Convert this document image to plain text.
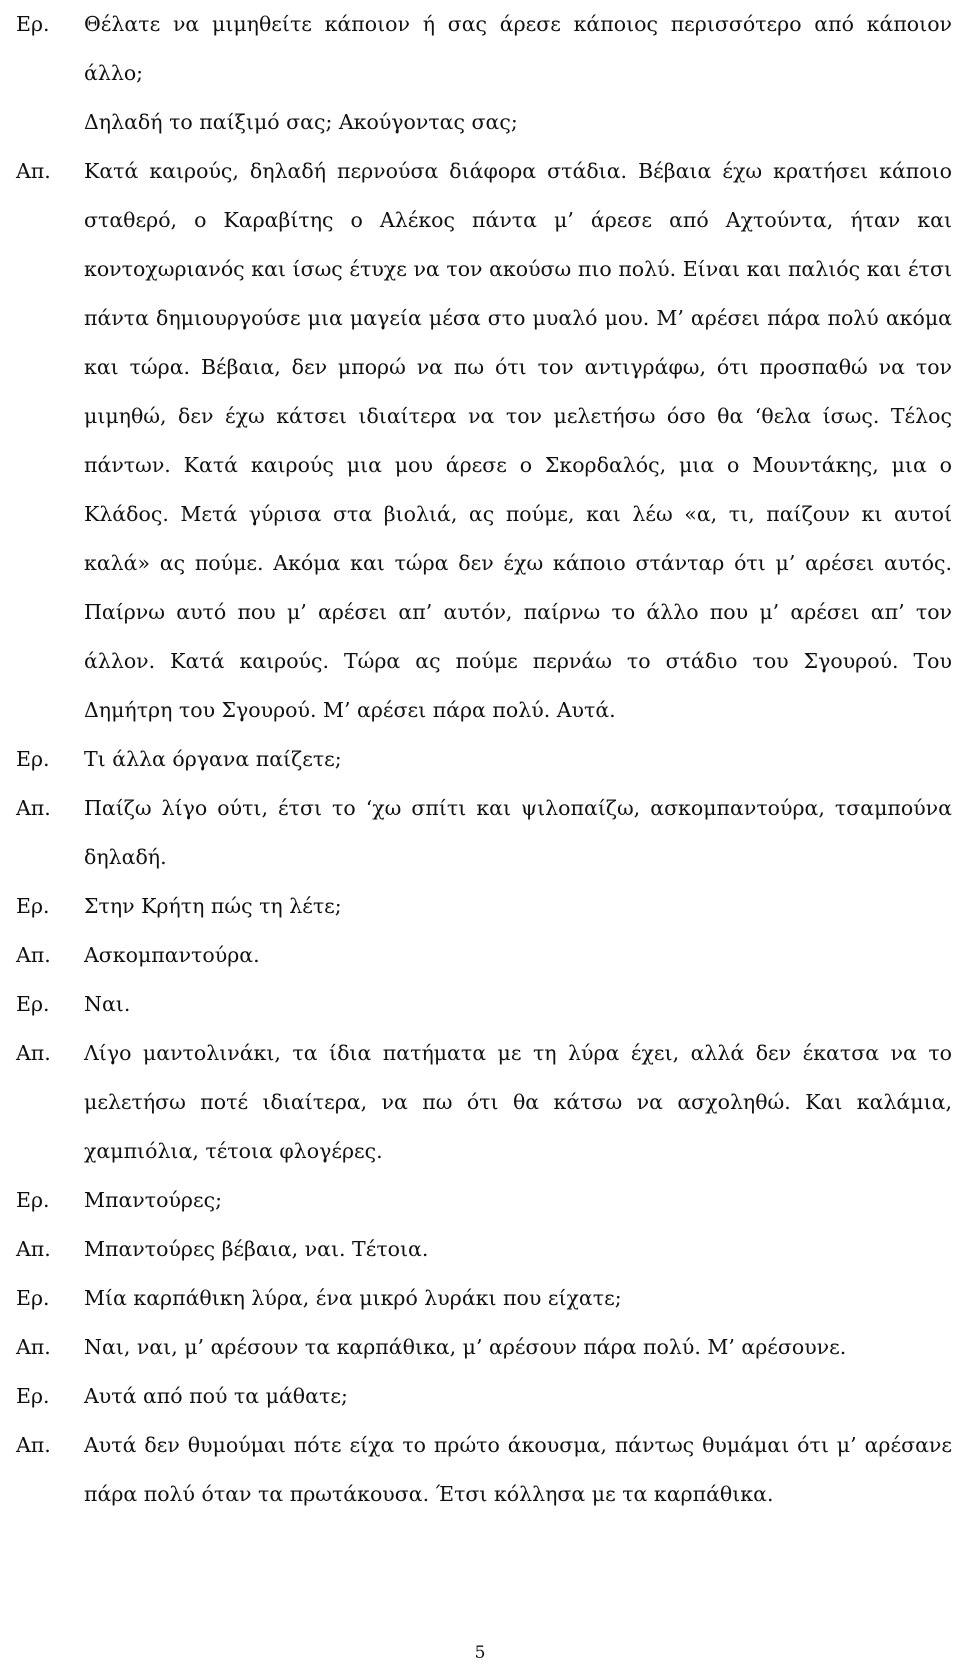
Ερ.	Θέλατε να μιμηθείτε κάποιον ή σας άρεσε κάποιος περισσότερο από κάποιον άλλο;
Δηλαδή το παίξιμό σας; Ακούγοντας σας;
Απ.	Κατά καιρούς, δηλαδή περνούσα διάφορα στάδια. Βέβαια έχω κρατήσει κάποιο σταθερό, ο Καραβίτης ο Αλέκος πάντα μ’ άρεσε από Αχτούντα, ήταν και κοντοχωριανός και ίσως έτυχε να τον ακούσω πιο πολύ. Είναι και παλιός και έτσι πάντα δημιουργούσε μια μαγεία μέσα στο μυαλό μου. Μ’ αρέσει πάρα πολύ ακόμα και τώρα. Βέβαια, δεν μπορώ να πω ότι τον αντιγράφω, ότι προσπαθώ να τον μιμηθώ, δεν έχω κάτσει ιδιαίτερα να τον μελετήσω όσο θα ‘θελα ίσως. Τέλος πάντων. Κατά καιρούς μια μου άρεσε ο Σκορδαλός, μια ο Μουντάκης, μια ο Κλάδος. Μετά γύρισα στα βιολιά, ας πούμε, και λέω «α, τι, παίζουν κι αυτοί καλά» ας πούμε. Ακόμα και τώρα δεν έχω κάποιο στάνταρ ότι μ’ αρέσει αυτός. Παίρνω αυτό που μ’ αρέσει απ’ αυτόν, παίρνω το άλλο που μ’ αρέσει απ’ τον άλλον. Κατά καιρούς. Τώρα ας πούμε περνάω το στάδιο του Σγουρού. Του Δημήτρη του Σγουρού. Μ’ αρέσει πάρα πολύ. Αυτά.
Ερ.	Τι άλλα όργανα παίζετε;
Απ.	Παίζω λίγο ούτι, έτσι το ‘χω σπίτι και ψιλοπαίζω, ασκομπαντούρα, τσαμπούνα δηλαδή.
Ερ.	Στην Κρήτη πώς τη λέτε;
Απ.	Ασκομπαντούρα.
Ερ.	Ναι.
Απ.	Λίγο μαντολινάκι, τα ίδια πατήματα με τη λύρα έχει, αλλά δεν έκατσα να το μελετήσω ποτέ ιδιαίτερα, να πω ότι θα κάτσω να ασχοληθώ. Και καλάμια, χαμπιόλια, τέτοια φλογέρες.
Ερ.	Μπαντούρες;
Απ.	Μπαντούρες βέβαια, ναι. Τέτοια.
Ερ.	Μία καρπάθικη λύρα, ένα μικρό λυράκι που είχατε;
Απ.	Ναι, ναι, μ’ αρέσουν τα καρπάθικα, μ’ αρέσουν πάρα πολύ. Μ’ αρέσουνε.
Ερ.	Αυτά από πού τα μάθατε;
Απ.	Αυτά δεν θυμούμαι πότε είχα το πρώτο άκουσμα, πάντως θυμάμαι ότι μ’ αρέσανε πάρα πολύ όταν τα πρωτάκουσα. Έτσι κόλλησα με τα καρπάθικα.
5
